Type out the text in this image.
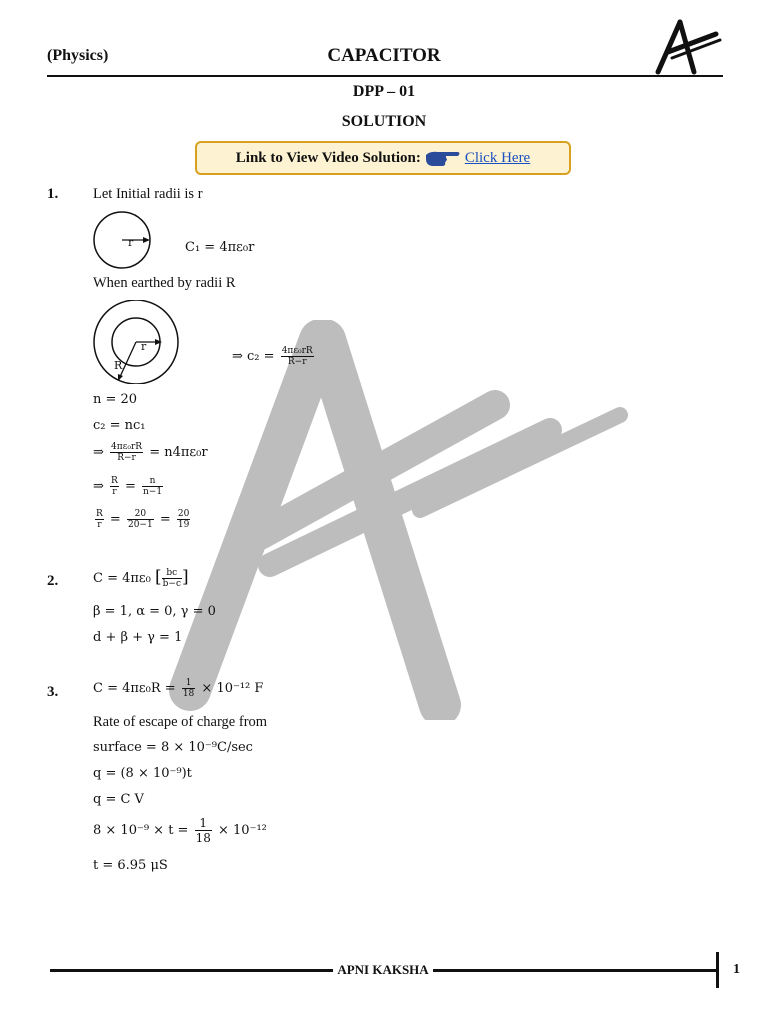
(Physics)	CAPACITOR
DPP – 01
SOLUTION
Link to View Video Solution:	Click Here
1. Let Initial radii is r
r	C₁ = 4πε₀r
When earthed by radii R
r
R
⇒ $c_2 = \frac{\text{4πε₀rR}}{R-r}$
n = 20
c₂ = nc₁
⇒ $\frac{\text{4πε₀rR}}{R-r} = n4\pi\varepsilon_0r$
⇒ $\frac{R}{r} = \frac{n}{n-1}$
$\frac{R}{r} = \frac{20}{20-1} = \frac{20}{19}$
2.	C = 4πε₀ [ $\frac{bc}{b-c}$ ]
β = 1, α = 0, γ = 0
d + β + γ = 1
3.	$C = 4\pi\varepsilon_0R = \frac{1}{18} \times 10^{-12}$ F
Rate of escape of charge from
surface = 8 × 10⁻⁹C/sec
q = (8 × 10⁻⁹)t
q = C V
$8 \times 10^{-9} \times t = \frac{1}{18} \times 10^{-12}$
t = 6.95 μS
APNI KAKSHA	1
